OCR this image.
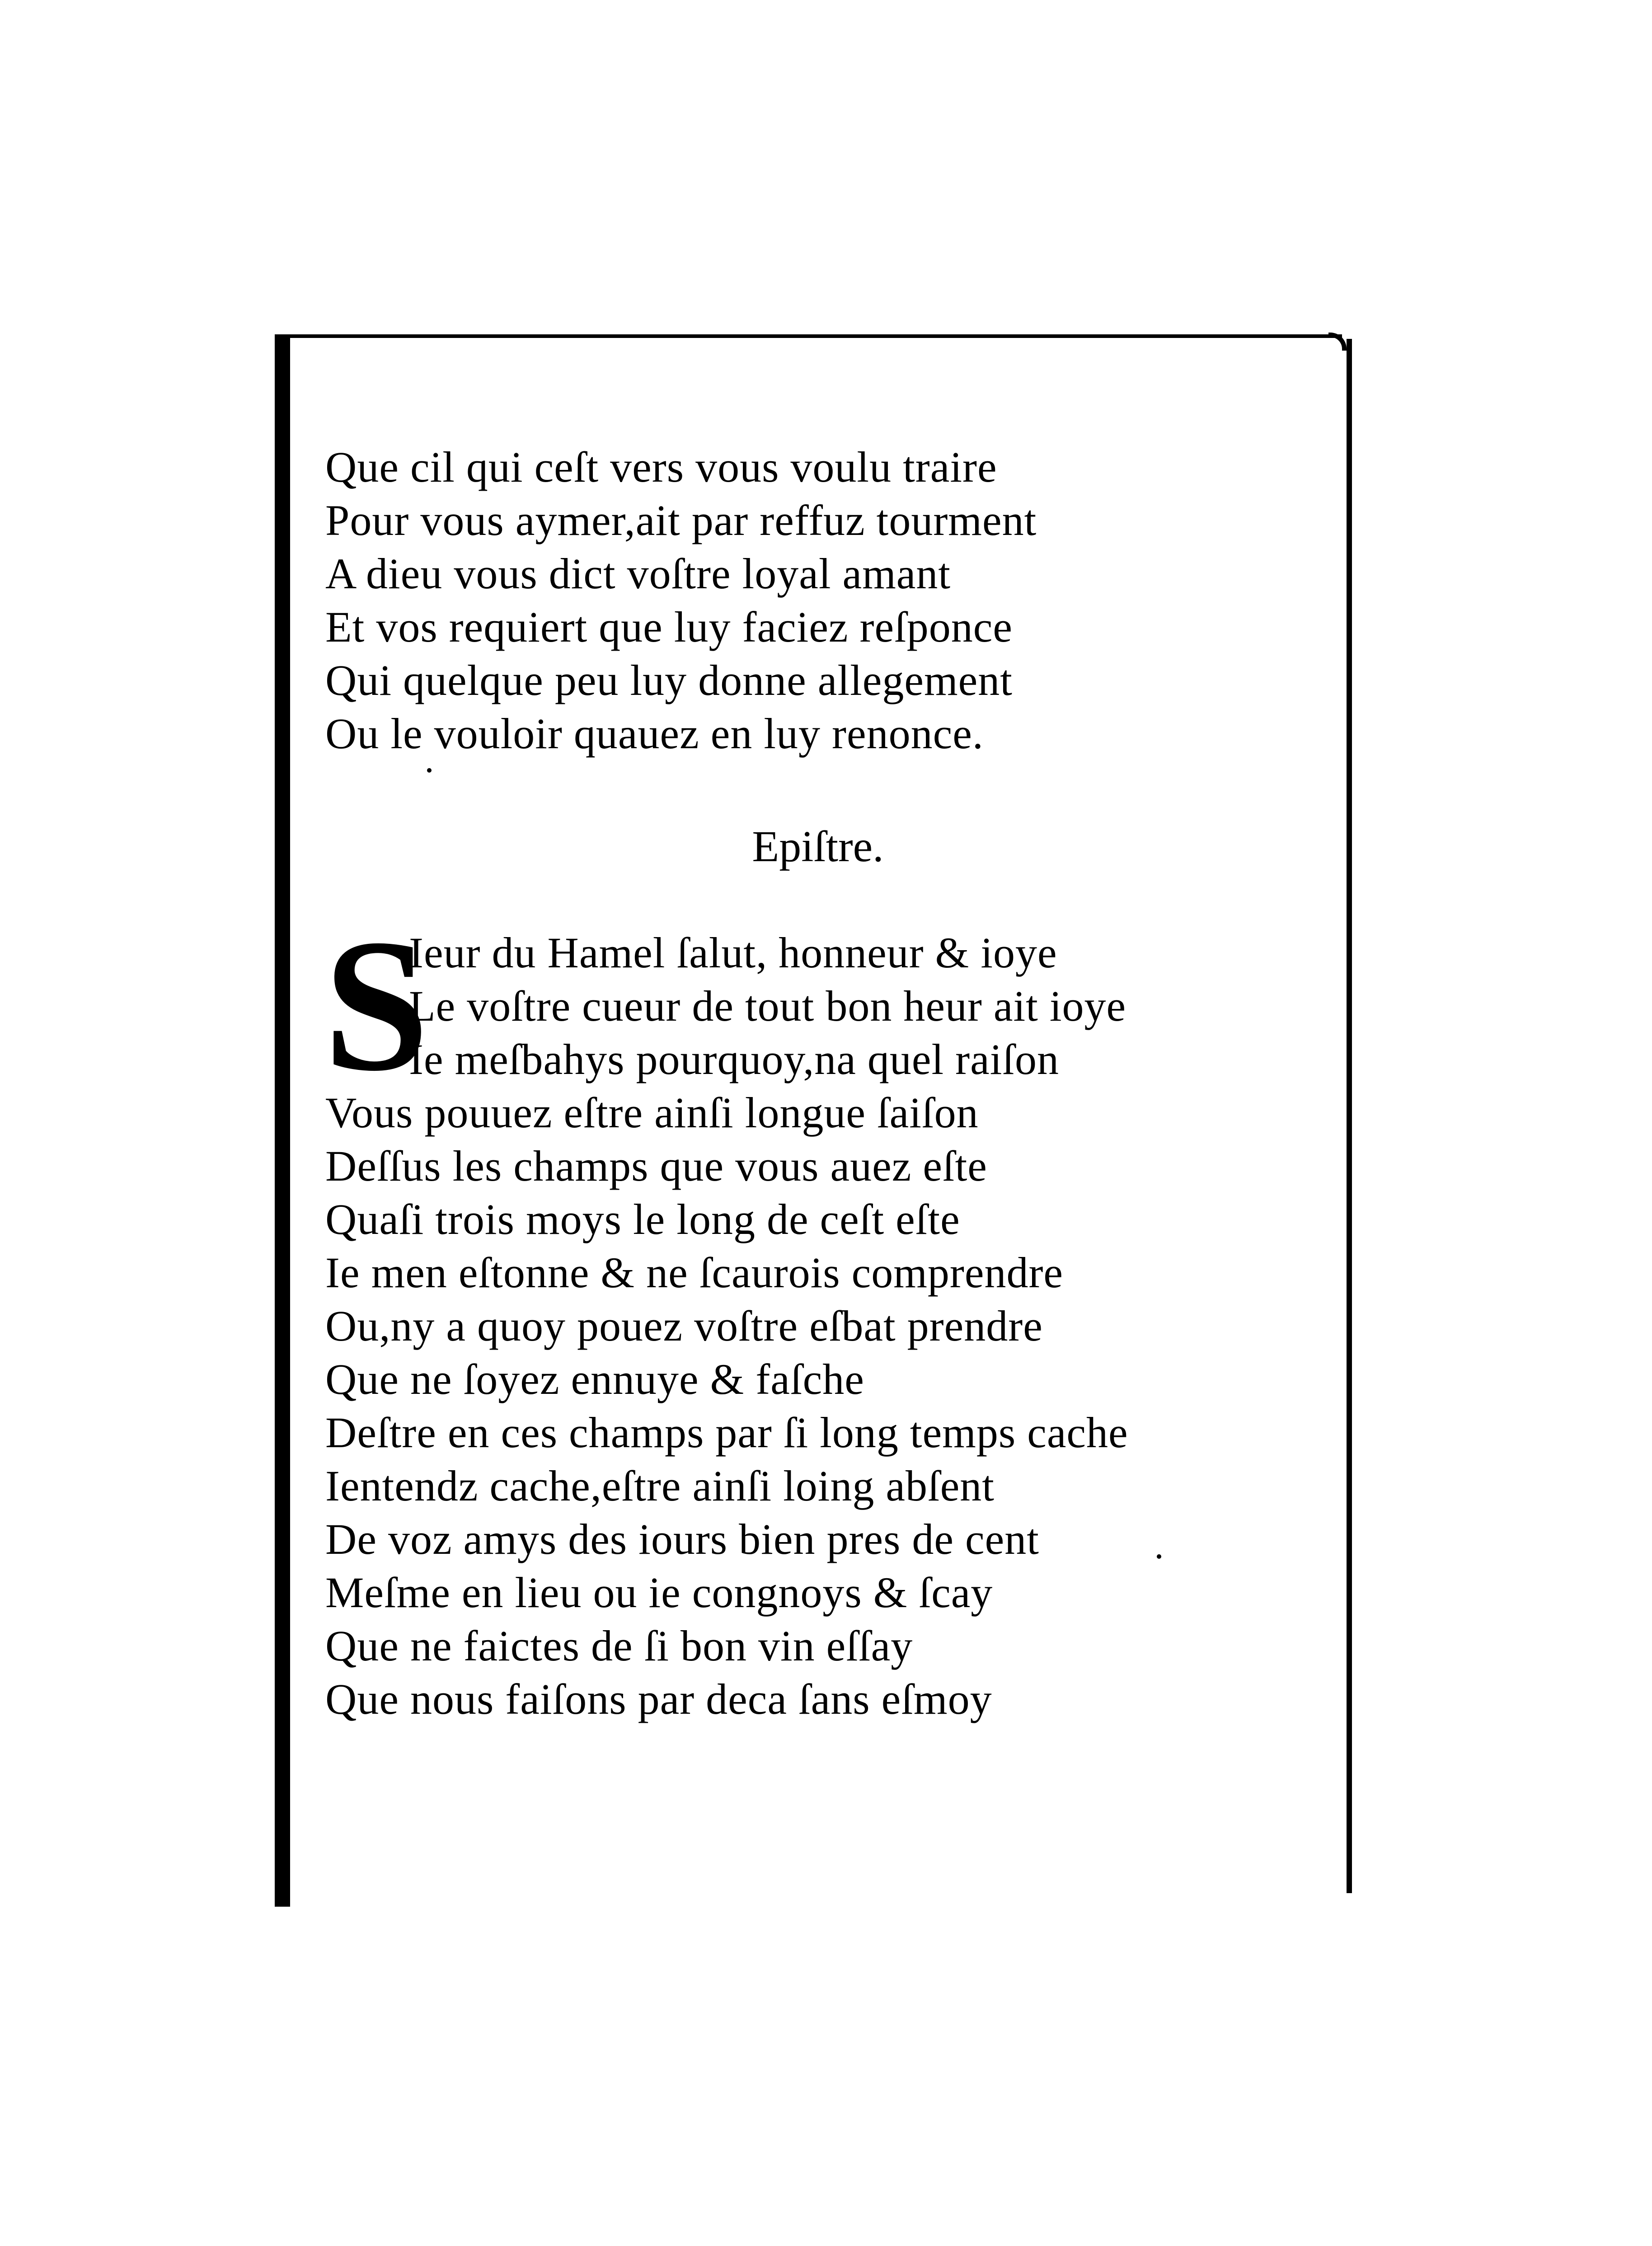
Que cil qui ceſt vers vous voulu traire
Pour vous aymer,ait par reffuz tourment
A dieu vous dict voſtre loyal amant
Et vos requiert que luy faciez reſponce
Qui quelque peu luy donne allegement
Ou le vouloir quauez en luy renonce.
Epiſtre.
S
Ieur du Hamel ſalut, honneur & ioye
Le voſtre cueur de tout bon heur ait ioye
Ie meſbahys pourquoy,na quel raiſon
Vous pouuez eſtre ainſi longue ſaiſon
Deſſus les champs que vous auez eſte
Quaſi trois moys le long de ceſt eſte
Ie men eſtonne & ne ſcaurois comprendre
Ou,ny a quoy pouez voſtre eſbat prendre
Que ne ſoyez ennuye & faſche
Deſtre en ces champs par ſi long temps cache
Ientendz cache,eſtre ainſi loing abſent
De voz amys des iours bien pres de cent
Meſme en lieu ou ie congnoys & ſcay
Que ne faictes de ſi bon vin eſſay
Que nous faiſons par deca ſans eſmoy
